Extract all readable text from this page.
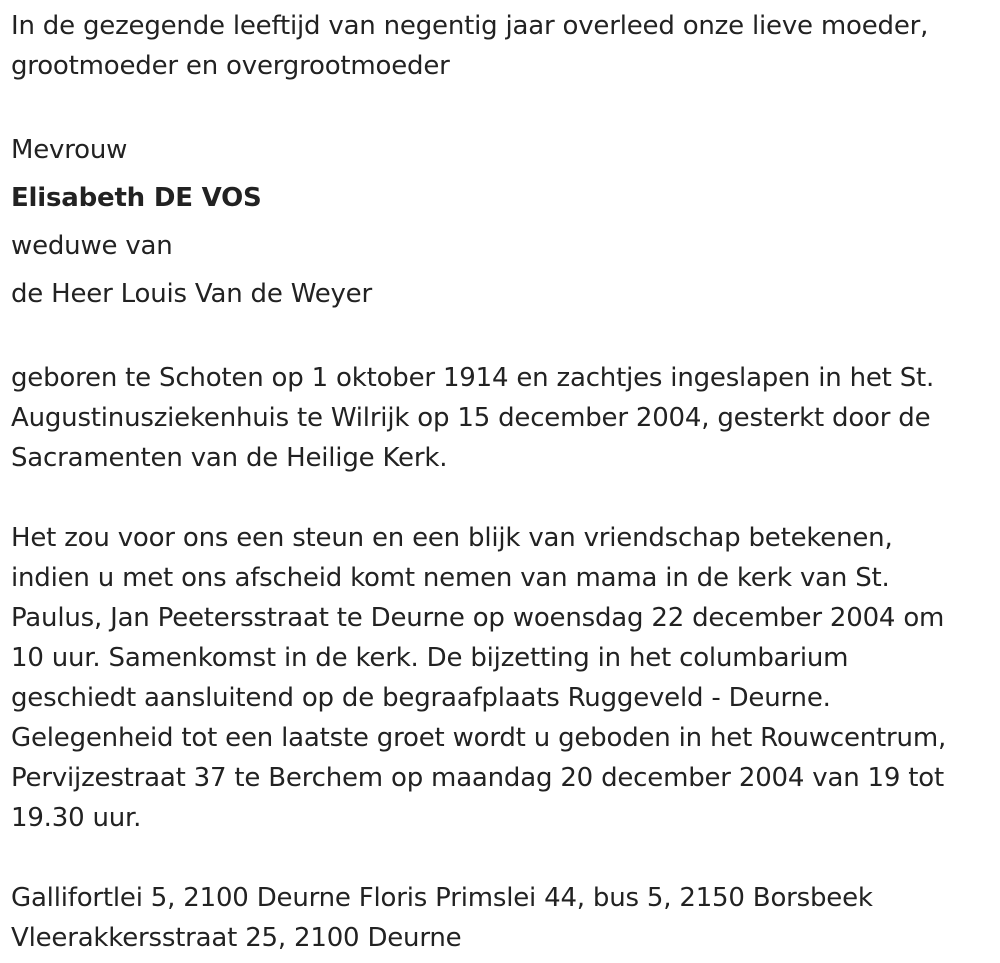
In de gezegende leeftijd van negentig jaar overleed onze lieve moeder,
grootmoeder en overgrootmoeder
Mevrouw
Elisabeth DE VOS
weduwe van
de Heer Louis Van de Weyer
geboren te Schoten op 1 oktober 1914 en zachtjes ingeslapen in het St.
Augustinusziekenhuis te Wilrijk op 15 december 2004, gesterkt door de
Sacramenten van de Heilige Kerk.
Het zou voor ons een steun en een blijk van vriendschap betekenen,
indien u met ons afscheid komt nemen van mama in de kerk van St.
Paulus, Jan Peetersstraat te Deurne op woensdag 22 december 2004 om
10 uur. Samenkomst in de kerk. De bijzetting in het columbarium
geschiedt aansluitend op de begraafplaats Ruggeveld - Deurne.
Gelegenheid tot een laatste groet wordt u geboden in het Rouwcentrum,
Pervijzestraat 37 te Berchem op maandag 20 december 2004 van 19 tot
19.30 uur.
Gallifortlei 5, 2100 Deurne Floris Primslei 44, bus 5, 2150 Borsbeek
Vleerakkersstraat 25, 2100 Deurne
